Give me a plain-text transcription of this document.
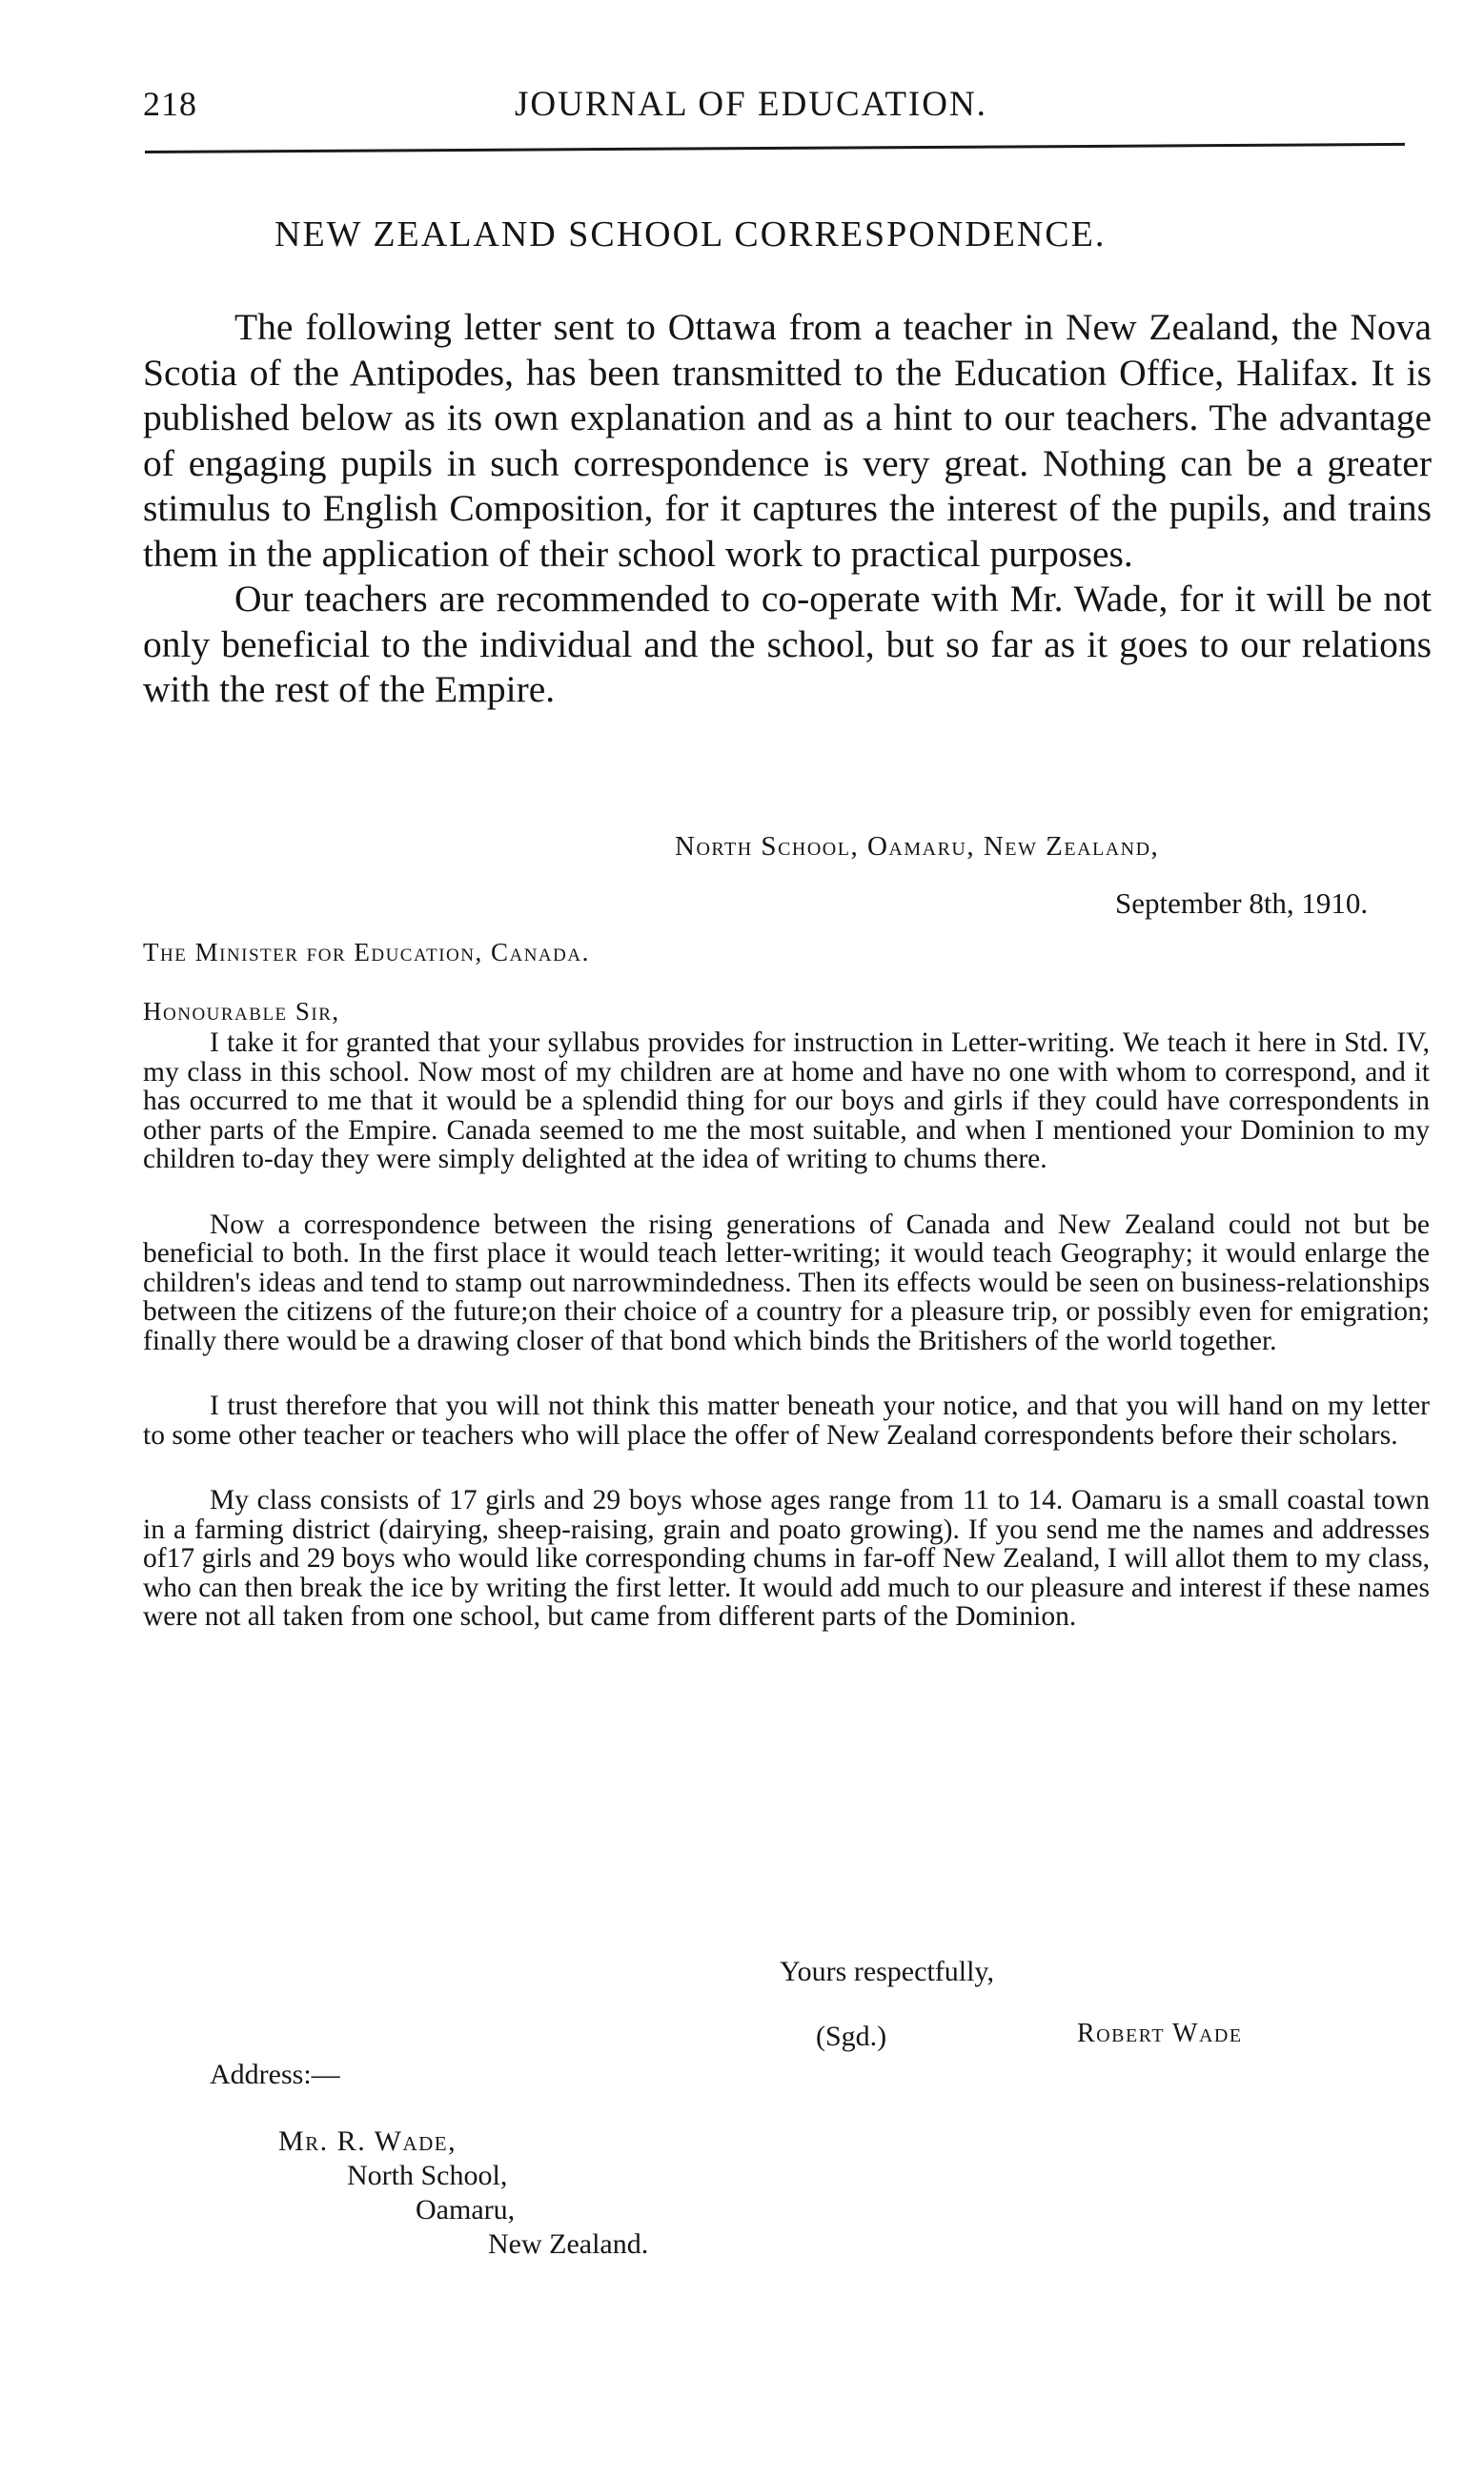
218	JOURNAL OF EDUCATION.
NEW ZEALAND SCHOOL CORRESPONDENCE.

The following letter sent to Ottawa from a teacher in New Zealand, the Nova Scotia of the Antipodes, has been transmitted to the Education Office, Halifax. It is published below as its own explanation and as a hint to our teachers. The advantage of engaging pupils in such correspondence is very great. Nothing can be a greater stimulus to English Composition, for it captures the interest of the pupils, and trains them in the application of their school work to practical purposes.

Our teachers are recommended to co-operate with Mr. Wade, for it will be not only beneficial to the individual and the school, but so far as it goes to our relations with the rest of the Empire.

North School, Oamaru, New Zealand,
September 8th, 1910.
The Minister for Education, Canada.
Honourable Sir,

I take it for granted that your syllabus provides for instruction in Letter-writing. We teach it here in Std. IV, my class in this school. Now most of my children are at home and have no one with whom to correspond, and it has occurred to me that it would be a splendid thing for our boys and girls if they could have correspondents in other parts of the Empire. Canada seemed to me the most suitable, and when I mentioned your Dominion to my children to-day they were simply delighted at the idea of writing to chums there.

Now a correspondence between the rising generations of Canada and New Zealand could not but be beneficial to both. In the first place it would teach letter-writing; it would teach Geography; it would enlarge the children's ideas and tend to stamp out narrowmindedness. Then its effects would be seen on business-relationships between the citizens of the future;on their choice of a country for a pleasure trip, or possibly even for emigration; finally there would be a drawing closer of that bond which binds the Britishers of the world together.

I trust therefore that you will not think this matter beneath your notice, and that you will hand on my letter to some other teacher or teachers who will place the offer of New Zealand correspondents before their scholars.

My class consists of 17 girls and 29 boys whose ages range from 11 to 14. Oamaru is a small coastal town in a farming district (dairying, sheep-raising, grain and poato growing). If you send me the names and addresses of17 girls and 29 boys who would like corresponding chums in far-off New Zealand, I will allot them to my class, who can then break the ice by writing the first letter. It would add much to our pleasure and interest if these names were not all taken from one school, but came from different parts of the Dominion.

Yours respectfully,
(Sgd.)	Robert Wade
Address:—
Mr. R. Wade,
North School,
Oamaru,
New Zealand.
